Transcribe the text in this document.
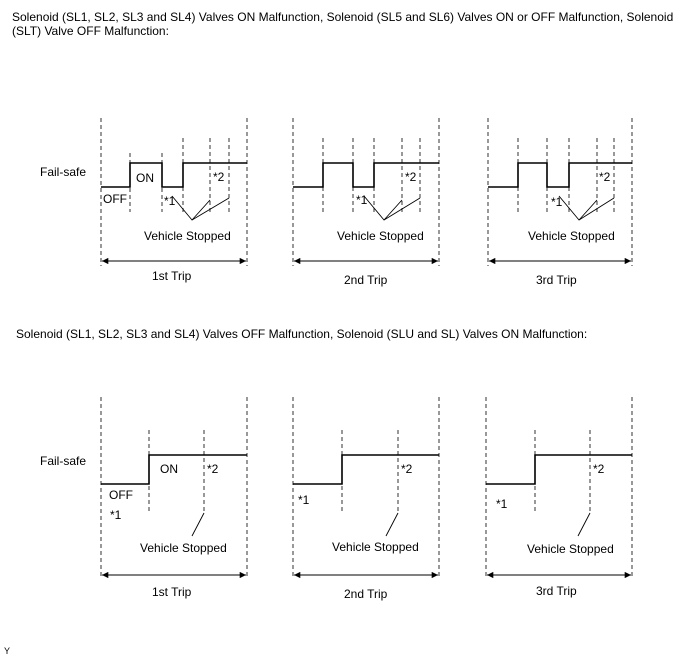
Solenoid (SL1, SL2, SL3 and SL4) Valves ON Malfunction, Solenoid (SL5 and SL6) Valves ON or OFF Malfunction, Solenoid (SLT) Valve OFF Malfunction:
Solenoid (SL1, SL2, SL3 and SL4) Valves OFF Malfunction, Solenoid (SLU and SL) Valves ON Malfunction:
Fail-safe
OFF
ON
*1
*2
Vehicle Stopped
1st Trip
*1
*2
Vehicle Stopped
2nd Trip
*1
*2
Vehicle Stopped
3rd Trip
Fail-safe
OFF
ON
*1
*2
Vehicle Stopped
1st Trip
*1
*2
Vehicle Stopped
2nd Trip
*1
*2
Vehicle Stopped
3rd Trip
Y
